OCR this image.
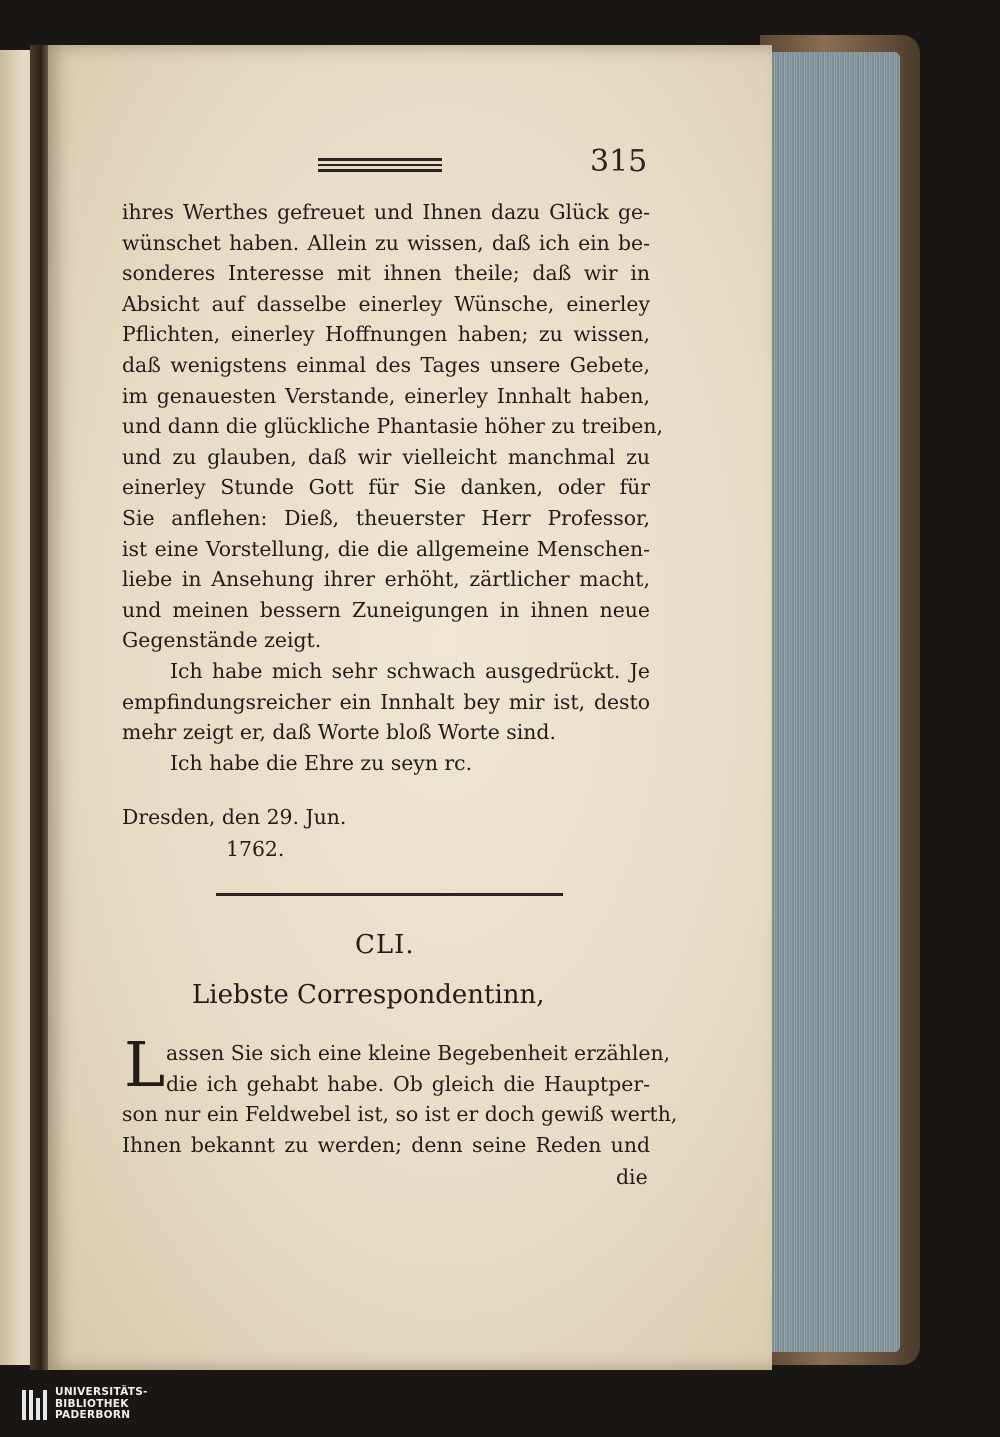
315
ihres Werthes gefreuet und Ihnen dazu Glück ge-
wünschet haben. Allein zu wissen, daß ich ein be-
sonderes Interesse mit ihnen theile; daß wir in
Absicht auf dasselbe einerley Wünsche, einerley
Pflichten, einerley Hoffnungen haben; zu wissen,
daß wenigstens einmal des Tages unsere Gebete,
im genauesten Verstande, einerley Innhalt haben,
und dann die glückliche Phantasie höher zu treiben,
und zu glauben, daß wir vielleicht manchmal zu
einerley Stunde Gott für Sie danken, oder für
Sie anflehen: Dieß, theuerster Herr Professor,
ist eine Vorstellung, die die allgemeine Menschen-
liebe in Ansehung ihrer erhöht, zärtlicher macht,
und meinen bessern Zuneigungen in ihnen neue
Gegenstände zeigt.
Ich habe mich sehr schwach ausgedrückt. Je
empfindungsreicher ein Innhalt bey mir ist, desto
mehr zeigt er, daß Worte bloß Worte sind.
Ich habe die Ehre zu seyn rc.
Dresden, den 29. Jun.
1762.
CLI.
Liebste Correspondentinn,
L assen Sie sich eine kleine Begebenheit erzählen,
die ich gehabt habe. Ob gleich die Hauptper-
son nur ein Feldwebel ist, so ist er doch gewiß werth,
Ihnen bekannt zu werden; denn seine Reden und
die
UNIVERSITÄTS-
BIBLIOTHEK
PADERBORN
